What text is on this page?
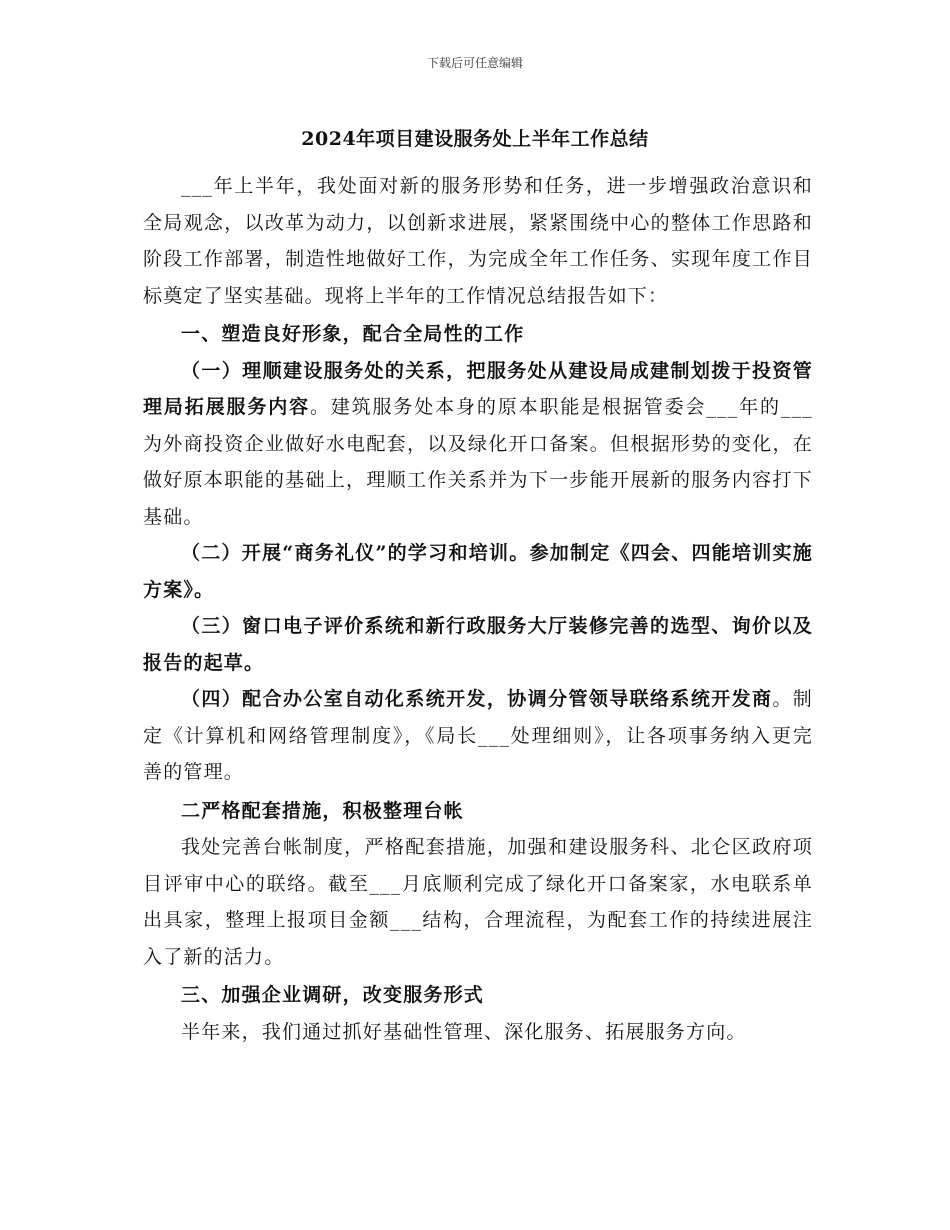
下载后可任意编辑
2024年项目建设服务处上半年工作总结

___年上半年，我处面对新的服务形势和任务，进一步增强政治意识和全局观念，以改革为动力，以创新求进展，紧紧围绕中心的整体工作思路和阶段工作部署，制造性地做好工作，为完成全年工作任务、实现年度工作目标奠定了坚实基础。现将上半年的工作情况总结报告如下：

一、塑造良好形象，配合全局性的工作

（一）理顺建设服务处的关系，把服务处从建设局成建制划拨于投资管理局拓展服务内容。建筑服务处本身的原本职能是根据管委会___年的___为外商投资企业做好水电配套，以及绿化开口备案。但根据形势的变化，在做好原本职能的基础上，理顺工作关系并为下一步能开展新的服务内容打下基础。

（二）开展“商务礼仪”的学习和培训。参加制定《四会、四能培训实施方案》。

（三）窗口电子评价系统和新行政服务大厅装修完善的选型、询价以及报告的起草。

（四）配合办公室自动化系统开发，协调分管领导联络系统开发商。制定《计算机和网络管理制度》，《局长___处理细则》，让各项事务纳入更完善的管理。

二严格配套措施，积极整理台帐

我处完善台帐制度，严格配套措施，加强和建设服务科、北仑区政府项目评审中心的联络。截至___月底顺利完成了绿化开口备案家，水电联系单出具家，整理上报项目金额___结构，合理流程，为配套工作的持续进展注入了新的活力。

三、加强企业调研，改变服务形式

半年来，我们通过抓好基础性管理、深化服务、拓展服务方向。
